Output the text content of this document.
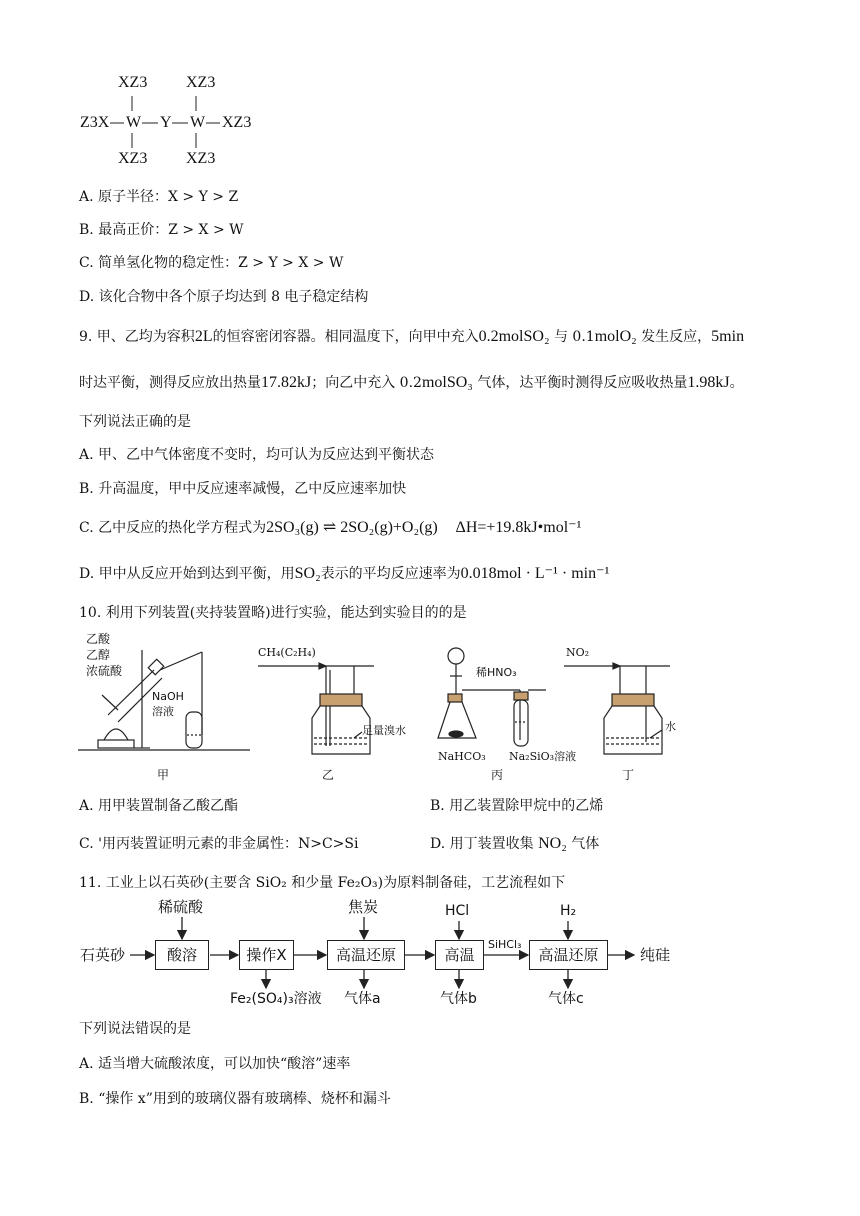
XZ3 XZ3
Z3X W Y W XZ3
XZ3 XZ3
A. 原子半径：X > Y > Z
B. 最高正价：Z > X > W
C. 简单氢化物的稳定性：Z > Y > X > W
D. 该化合物中各个原子均达到 8 电子稳定结构
9. 甲、乙均为容积2L的恒容密闭容器。相同温度下，向甲中充入0.2molSO₂ 与 0.1molO₂ 发生反应，5min
时达平衡，测得反应放出热量17.82kJ；向乙中充入 0.2molSO₃ 气体，达平衡时测得反应吸收热量1.98kJ。
下列说法正确的是
A. 甲、乙中气体密度不变时，均可认为反应达到平衡状态
B. 升高温度，甲中反应速率减慢，乙中反应速率加快
C. 乙中反应的热化学方程式为2SO₃(g) ⇌ 2SO₂(g)+O₂(g) ΔH=+19.8kJ•mol⁻¹
D. 甲中从反应开始到达到平衡，用SO₂表示的平均反应速率为0.018mol · L⁻¹ · min⁻¹
10. 利用下列装置(夹持装置略)进行实验，能达到实验目的的是
乙酸
乙醇
浓硫酸
NaOH
溶液
甲
CH₄(C₂H₄)
足量溴水
乙
稀HNO₃
NaHCO₃ Na₂SiO₃溶液
丙
NO₂
水
丁
A. 用甲装置制备乙酸乙酯	B. 用乙装置除甲烷中的乙烯
C. '用丙装置证明元素的非金属性：N>C>Si	D. 用丁装置收集 NO₂ 气体
11. 工业上以石英砂(主要含 SiO₂ 和少量 Fe₂O₃)为原料制备硅，工艺流程如下
石英砂	酸溶
稀硫酸
操作X
Fe₂(SO₄)₃溶液
高温还原
焦炭
气体a
高温
HCl
气体b
SiHCl₃
高温还原
H₂
气体c
纯硅
下列说法错误的是
A. 适当增大硫酸浓度，可以加快“酸溶”速率
B. “操作 x”用到的玻璃仪器有玻璃棒、烧杯和漏斗
